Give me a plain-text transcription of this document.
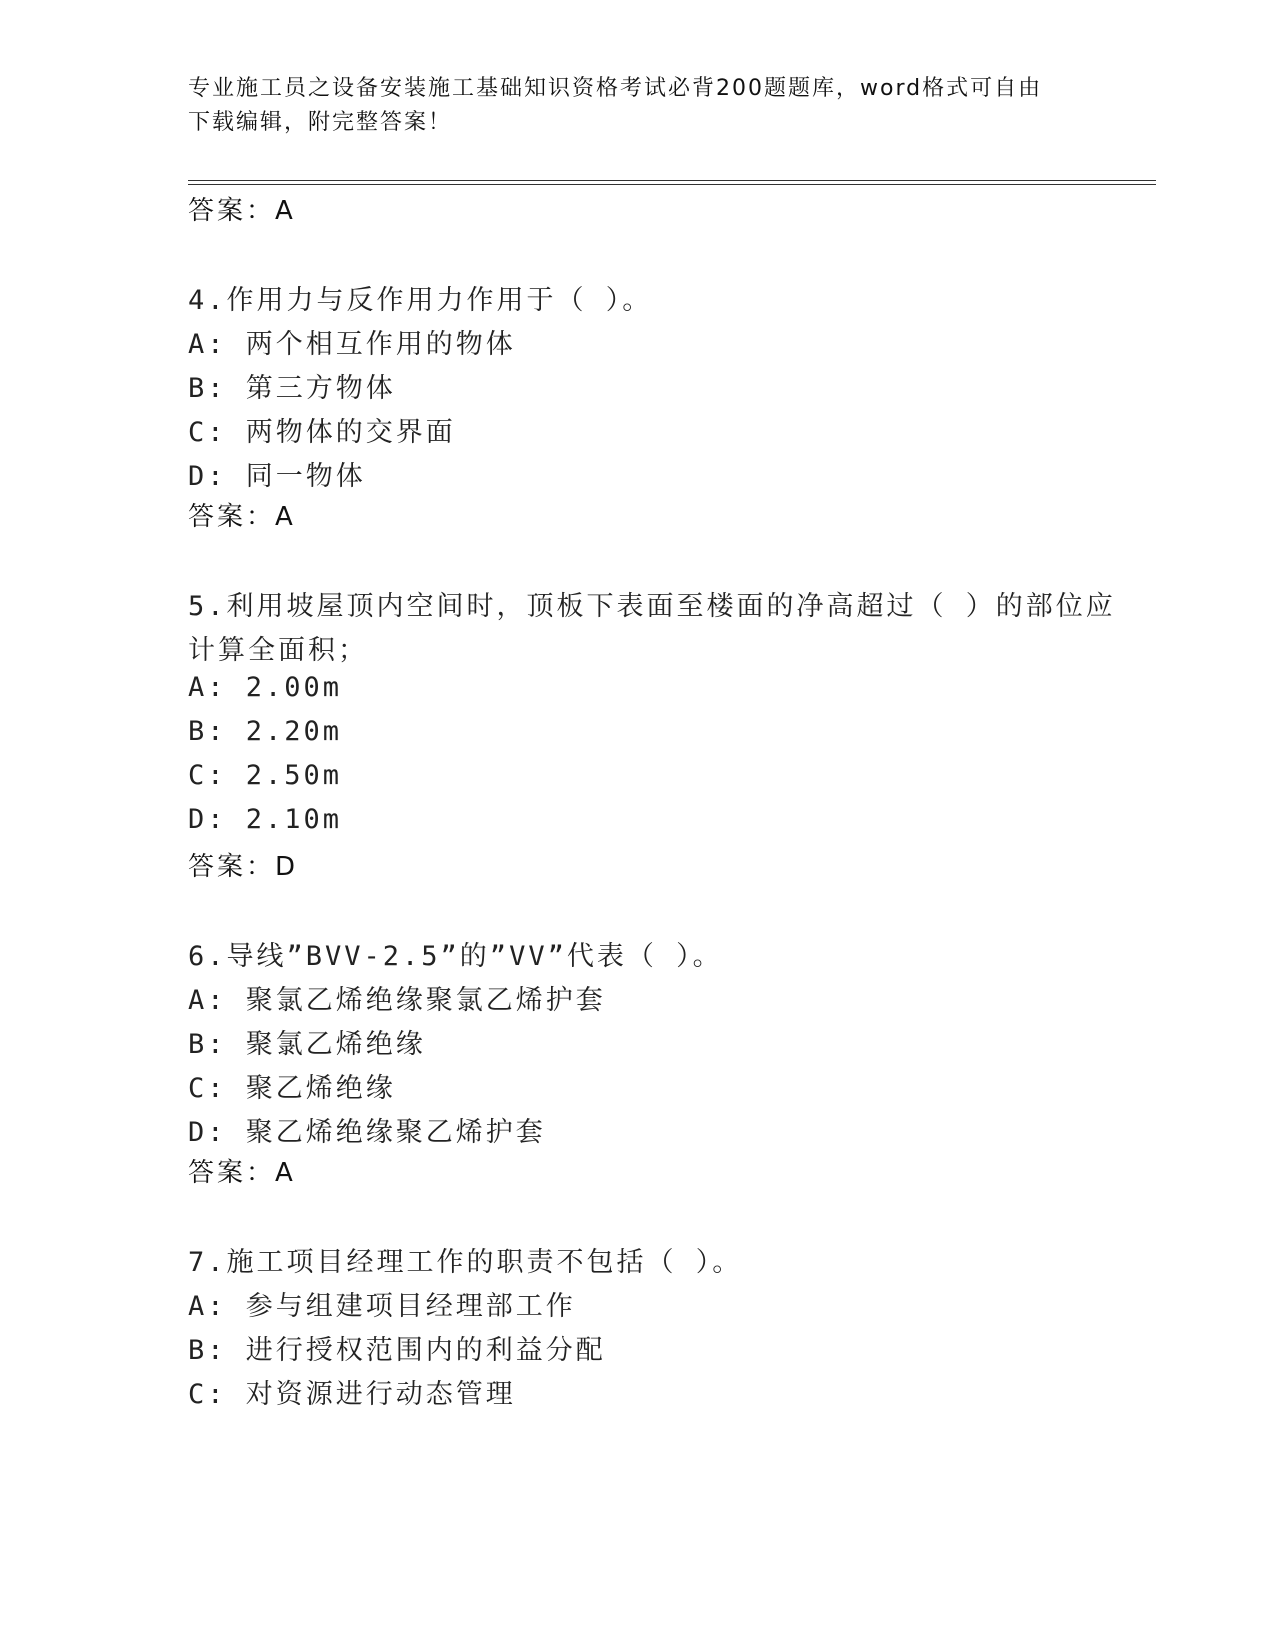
专业施工员之设备安装施工基础知识资格考试必背200题题库，word格式可自由
下载编辑，附完整答案！
答案：A
4.作用力与反作用力作用于（ ）。
A: 两个相互作用的物体
B: 第三方物体
C: 两物体的交界面
D: 同一物体
答案：A
5.利用坡屋顶内空间时，顶板下表面至楼面的净高超过（ ）的部位应
计算全面积；
A: 2.00m
B: 2.20m
C: 2.50m
D: 2.10m
答案：D
6.导线”BVV-2.5”的”VV”代表（ ）。
A: 聚氯乙烯绝缘聚氯乙烯护套
B: 聚氯乙烯绝缘
C: 聚乙烯绝缘
D: 聚乙烯绝缘聚乙烯护套
答案：A
7.施工项目经理工作的职责不包括（ ）。
A: 参与组建项目经理部工作
B: 进行授权范围内的利益分配
C: 对资源进行动态管理
